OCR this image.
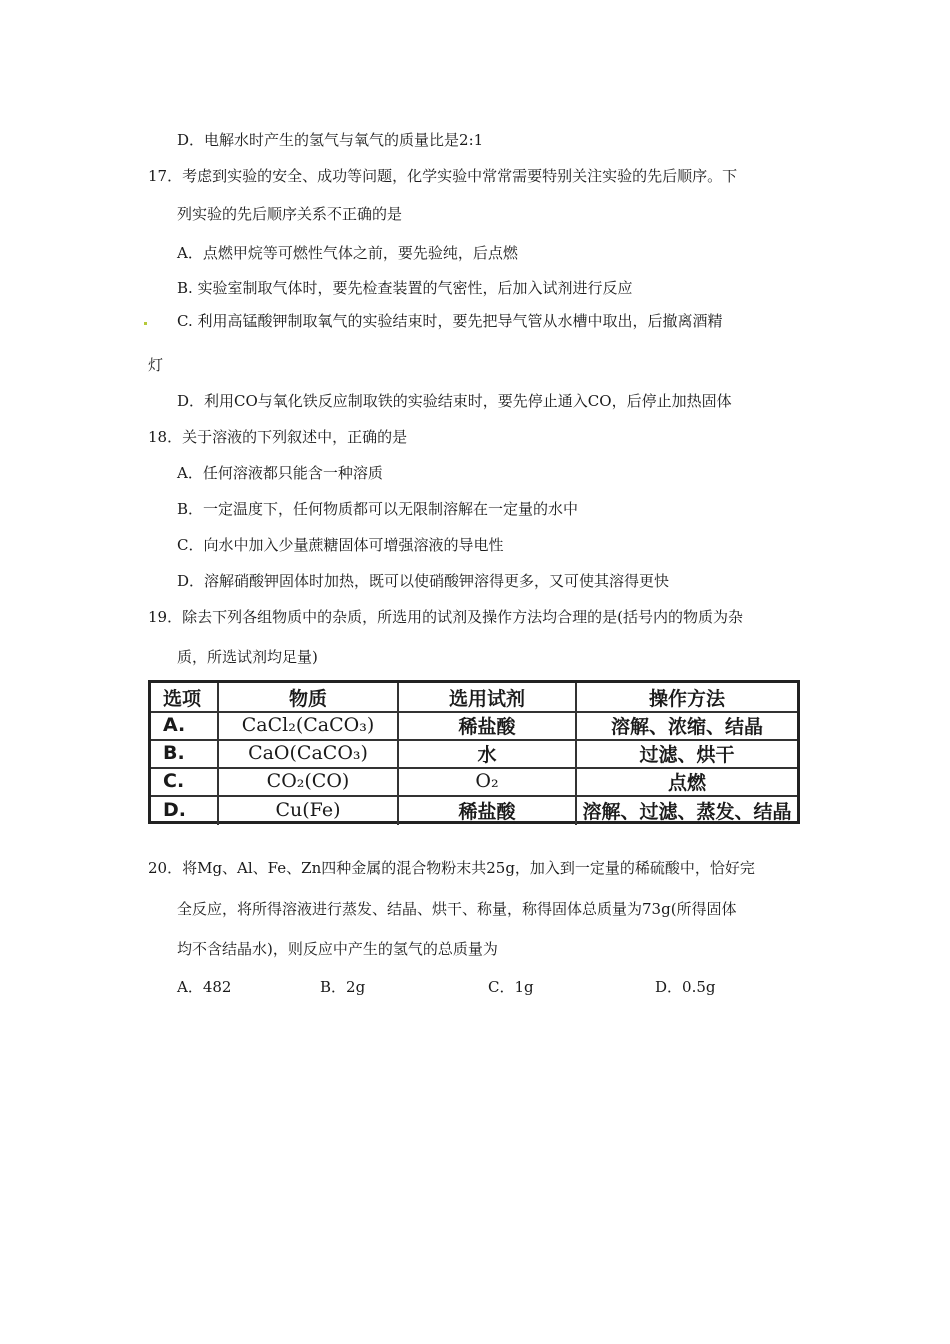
D．电解水时产生的氢气与氧气的质量比是2:1
17．考虑到实验的安全、成功等问题，化学实验中常常需要特别关注实验的先后顺序。下
列实验的先后顺序关系不正确的是
A．点燃甲烷等可燃性气体之前，要先验纯，后点燃
B. 实验室制取气体时，要先检查装置的气密性，后加入试剂进行反应
C. 利用高锰酸钾制取氧气的实验结束时，要先把导气管从水槽中取出，后撤离酒精
灯
D．利用CO与氧化铁反应制取铁的实验结束时，要先停止通入CO，后停止加热固体
18．关于溶液的下列叙述中，正确的是
A．任何溶液都只能含一种溶质
B．一定温度下，任何物质都可以无限制溶解在一定量的水中
C．向水中加入少量蔗糖固体可增强溶液的导电性
D．溶解硝酸钾固体时加热，既可以使硝酸钾溶得更多，又可使其溶得更快
19．除去下列各组物质中的杂质，所选用的试剂及操作方法均合理的是(括号内的物质为杂
质，所选试剂均足量)
选项	物质	选用试剂	操作方法
A.	CaCl₂(CaCO₃)	稀盐酸	溶解、浓缩、结晶
B.	CaO(CaCO₃)	水	过滤、烘干
C.	CO₂(CO)	O₂	点燃
D.	Cu(Fe)	稀盐酸	溶解、过滤、蒸发、结晶
20．将Mg、Al、Fe、Zn四种金属的混合物粉末共25g，加入到一定量的稀硫酸中，恰好完
全反应，将所得溶液进行蒸发、结晶、烘干、称量，称得固体总质量为73g(所得固体
均不含结晶水)，则反应中产生的氢气的总质量为
A．482	B．2g	C．1g	D．0.5g
